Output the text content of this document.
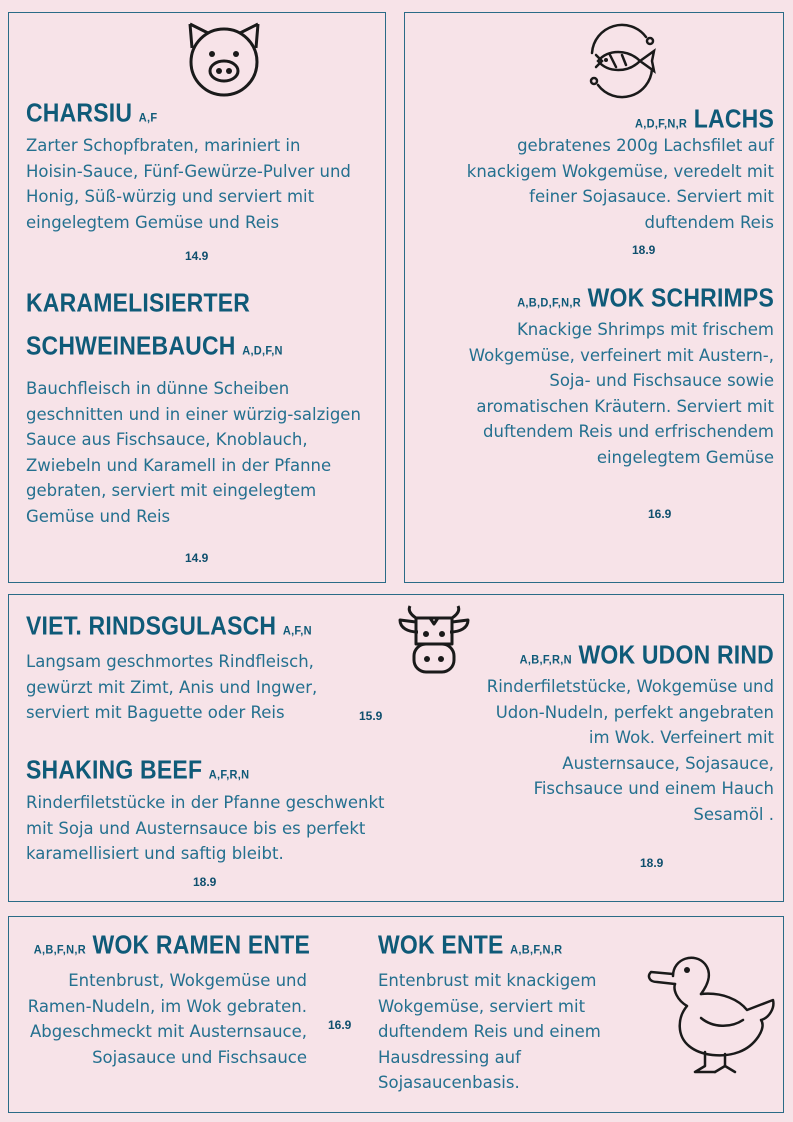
CHARSIU A,F

Zarter Schopfbraten, mariniert in Hoisin-Sauce, Fünf-Gewürze-Pulver und Honig, Süß-würzig und serviert mit eingelegtem Gemüse und Reis

14.9
KARAMELISIERTER
SCHWEINEBAUCH A,D,F,N

Bauchfleisch in dünne Scheiben geschnitten und in einer würzig-salzigen Sauce aus Fischsauce, Knoblauch, Zwiebeln und Karamell in der Pfanne gebraten, serviert mit eingelegtem Gemüse und Reis

14.9
A,D,F,N,R LACHS

gebratenes 200g Lachsfilet auf knackigem Wokgemüse, veredelt mit feiner Sojasauce. Serviert mit duftendem Reis

18.9
A,B,D,F,N,R WOK SCHRIMPS

Knackige Shrimps mit frischem Wokgemüse, verfeinert mit Austern-, Soja- und Fischsauce sowie aromatischen Kräutern. Serviert mit duftendem Reis und erfrischendem eingelegtem Gemüse

16.9
VIET. RINDSGULASCH A,F,N

Langsam geschmortes Rindfleisch, gewürzt mit Zimt, Anis und Ingwer, serviert mit Baguette oder Reis	15.9
SHAKING BEEF A,F,R,N

Rinderfiletstücke in der Pfanne geschwenkt mit Soja und Austernsauce bis es perfekt karamellisiert und saftig bleibt.

18.9
A,B,F,R,N WOK UDON RIND

Rinderfiletstücke, Wokgemüse und Udon-Nudeln, perfekt angebraten im Wok. Verfeinert mit Austernsauce, Sojasauce, Fischsauce und einem Hauch Sesamöl .

18.9
A,B,F,N,R WOK RAMEN ENTE

Entenbrust, Wokgemüse und Ramen-Nudeln, im Wok gebraten. Abgeschmeckt mit Austernsauce, Sojasauce und Fischsauce

16.9
WOK ENTE A,B,F,N,R

Entenbrust mit knackigem Wokgemüse, serviert mit duftendem Reis und einem Hausdressing auf Sojasaucenbasis.
